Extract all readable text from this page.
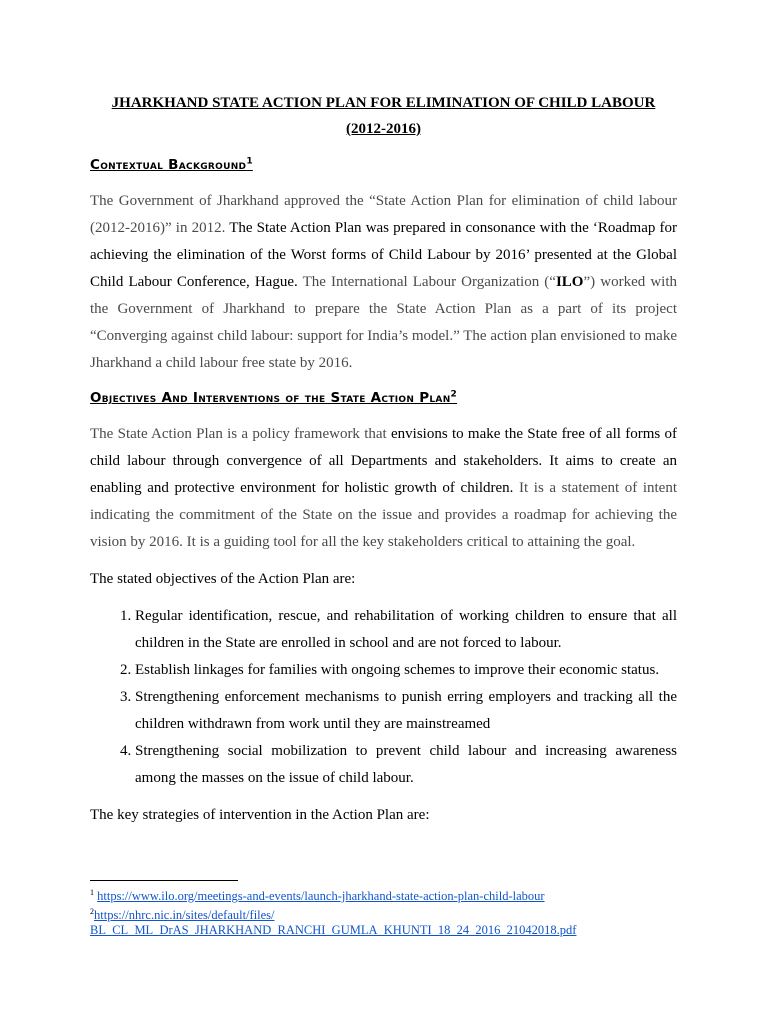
JHARKHAND STATE ACTION PLAN FOR ELIMINATION OF CHILD LABOUR
(2012-2016)
Contextual Background$^1$

The Government of Jharkhand approved the “State Action Plan for elimination of child labour (2012-2016)” in 2012. The State Action Plan was prepared in consonance with the ‘Roadmap for achieving the elimination of the Worst forms of Child Labour by 2016’ presented at the Global Child Labour Conference, Hague. The International Labour Organization (“ILO”) worked with the Government of Jharkhand to prepare the State Action Plan as a part of its project “Converging against child labour: support for India’s model.” The action plan envisioned to make Jharkhand a child labour free state by 2016.

Objectives And Interventions of the State Action Plan$^2$

The State Action Plan is a policy framework that envisions to make the State free of all forms of child labour through convergence of all Departments and stakeholders. It aims to create an enabling and protective environment for holistic growth of children. It is a statement of intent indicating the commitment of the State on the issue and provides a roadmap for achieving the vision by 2016. It is a guiding tool for all the key stakeholders critical to attaining the goal.

The stated objectives of the Action Plan are:

1. Regular identification, rescue, and rehabilitation of working children to ensure that all children in the State are enrolled in school and are not forced to labour.
2. Establish linkages for families with ongoing schemes to improve their economic status.
3. Strengthening enforcement mechanisms to punish erring employers and tracking all the children withdrawn from work until they are mainstreamed
4. Strengthening social mobilization to prevent child labour and increasing awareness among the masses on the issue of child labour.

The key strategies of intervention in the Action Plan are:

$^1$ https://www.ilo.org/meetings-and-events/launch-jharkhand-state-action-plan-child-labour

$^2$https://nhrc.nic.in/sites/default/files/
BL_CL_ML_DrAS_JHARKHAND_RANCHI_GUMLA_KHUNTI_18_24_2016_21042018.pdf
